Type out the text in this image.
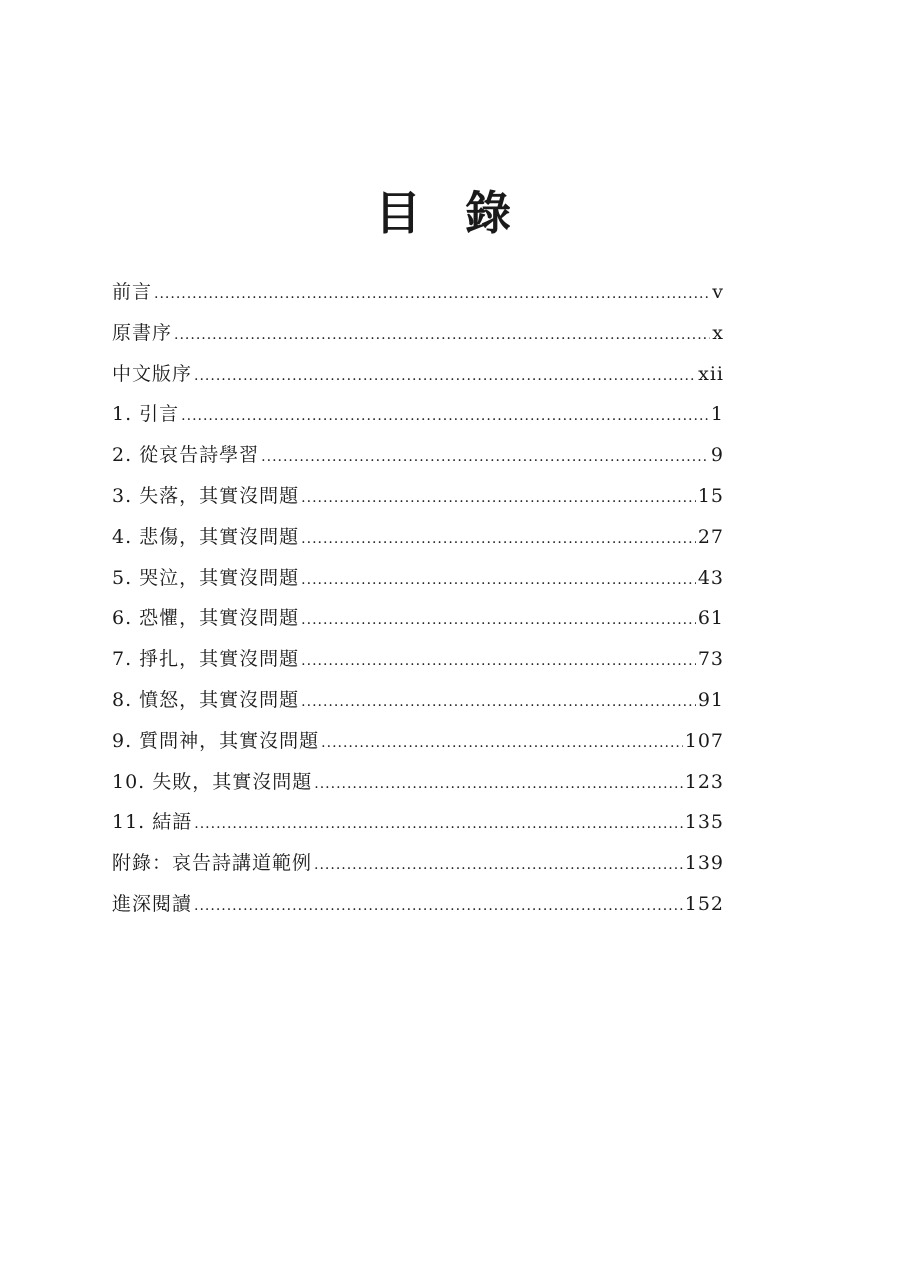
目 錄
前言 .....	v
原書序 .....	x
中文版序 .....	xii
1. 引言 .....	1
2. 從哀告詩學習 .....	9
3. 失落，其實沒問題 .....	15
4. 悲傷，其實沒問題 .....	27
5. 哭泣，其實沒問題 .....	43
6. 恐懼，其實沒問題 .....	61
7. 掙扎，其實沒問題 .....	73
8. 憤怒，其實沒問題 .....	91
9. 質問神，其實沒問題 .....	107
10. 失敗，其實沒問題 .....	123
11. 結語 .....	135
附錄：哀告詩講道範例 .....	139
進深閱讀 .....	152
